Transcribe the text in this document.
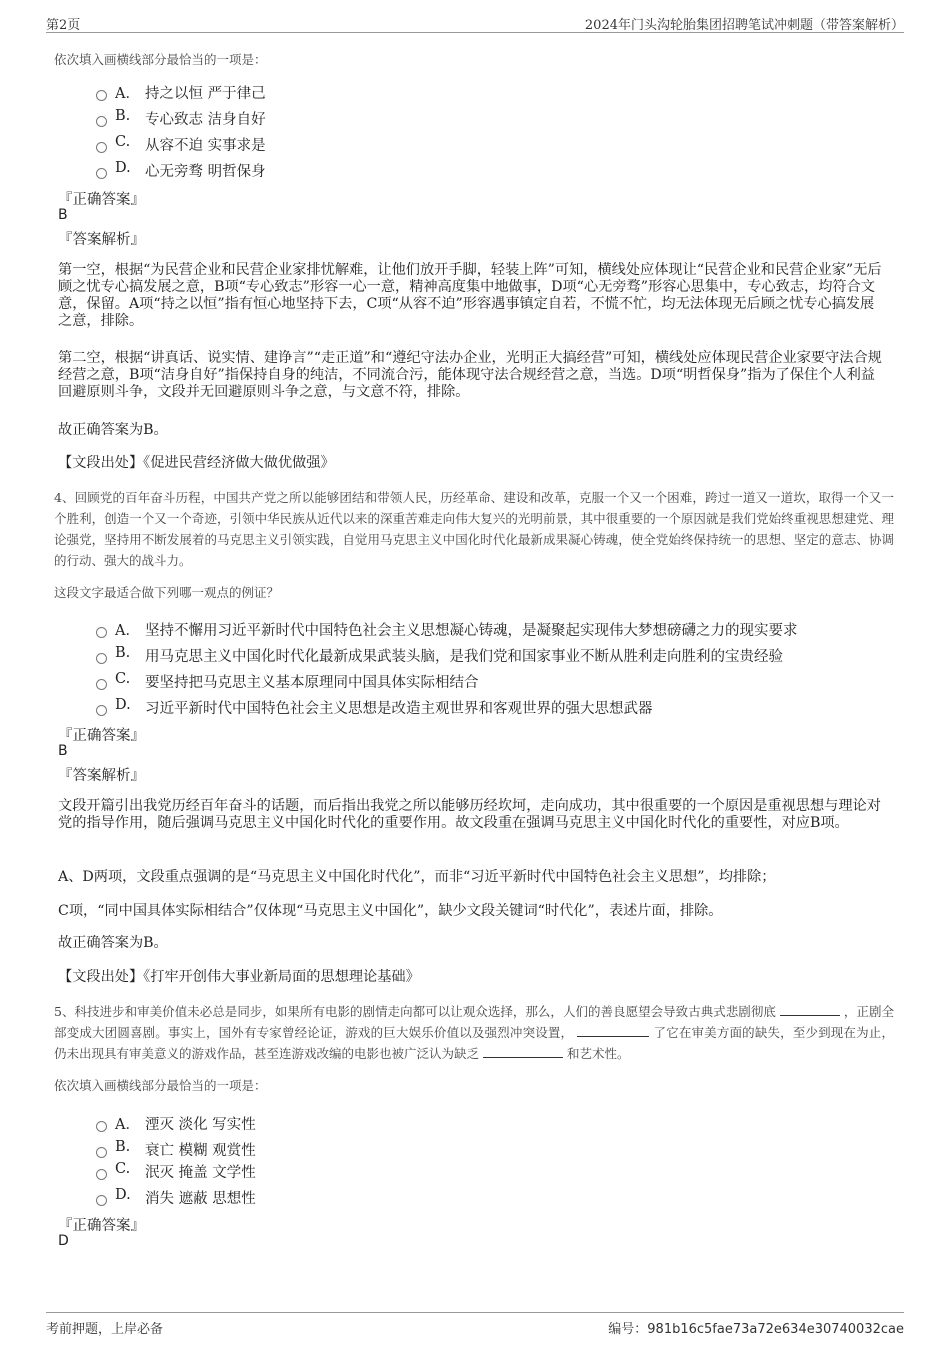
第2页	2024年门头沟轮胎集团招聘笔试冲刺题（带答案解析）
依次填入画横线部分最恰当的一项是：
A． 持之以恒 严于律己
B. 专心致志 洁身自好
C. 从容不迫 实事求是
D. 心无旁骛 明哲保身
『正确答案』
B
『答案解析』
第一空，根据“为民营企业和民营企业家排忧解难，让他们放开手脚，轻装上阵”可知，横线处应体现让“民营企业和民营企业家”无后顾之忧专心搞发展之意，B项“专心致志”形容一心一意，精神高度集中地做事，D项“心无旁骛”形容心思集中，专心致志，均符合文意，保留。A项“持之以恒”指有恒心地坚持下去，C项“从容不迫”形容遇事镇定自若，不慌不忙，均无法体现无后顾之忧专心搞发展之意，排除。
第二空，根据“讲真话、说实情、建诤言”“走正道”和“遵纪守法办企业，光明正大搞经营”可知，横线处应体现民营企业家要守法合规经营之意，B项“洁身自好”指保持自身的纯洁，不同流合污，能体现守法合规经营之意，当选。D项“明哲保身”指为了保住个人利益回避原则斗争，文段并无回避原则斗争之意，与文意不符，排除。
故正确答案为B。
【文段出处】《促进民营经济做大做优做强》
4、回顾党的百年奋斗历程，中国共产党之所以能够团结和带领人民，历经革命、建设和改革，克服一个又一个困难，跨过一道又一道坎，取得一个又一个胜利，创造一个又一个奇迹，引领中华民族从近代以来的深重苦难走向伟大复兴的光明前景，其中很重要的一个原因就是我们党始终重视思想建党、理论强党，坚持用不断发展着的马克思主义引领实践，自觉用马克思主义中国化时代化最新成果凝心铸魂，使全党始终保持统一的思想、坚定的意志、协调的行动、强大的战斗力。
这段文字最适合做下列哪一观点的例证？
A． 坚持不懈用习近平新时代中国特色社会主义思想凝心铸魂，是凝聚起实现伟大梦想磅礴之力的现实要求
B. 用马克思主义中国化时代化最新成果武装头脑，是我们党和国家事业不断从胜利走向胜利的宝贵经验
C. 要坚持把马克思主义基本原理同中国具体实际相结合
D. 习近平新时代中国特色社会主义思想是改造主观世界和客观世界的强大思想武器
『正确答案』
B
『答案解析』
文段开篇引出我党历经百年奋斗的话题，而后指出我党之所以能够历经坎坷，走向成功，其中很重要的一个原因是重视思想与理论对党的指导作用，随后强调马克思主义中国化时代化的重要作用。故文段重在强调马克思主义中国化时代化的重要性，对应B项。
A、D两项，文段重点强调的是“马克思主义中国化时代化”，而非“习近平新时代中国特色社会主义思想”，均排除；
C项，“同中国具体实际相结合”仅体现“马克思主义中国化”，缺少文段关键词“时代化”，表述片面，排除。
故正确答案为B。
【文段出处】《打牢开创伟大事业新局面的思想理论基础》
5、科技进步和审美价值未必总是同步，如果所有电影的剧情走向都可以让观众选择，那么，人们的善良愿望会导致古典式悲剧彻底	，正剧全部变成大团圆喜剧。事实上，国外有专家曾经论证，游戏的巨大娱乐价值以及强烈冲突设置，	了它在审美方面的缺失，至少到现在为止，仍未出现具有审美意义的游戏作品，甚至连游戏改编的电影也被广泛认为缺乏	和艺术性。
依次填入画横线部分最恰当的一项是：
A． 湮灭 淡化 写实性
B. 衰亡 模糊 观赏性
C. 泯灭 掩盖 文学性
D. 消失 遮蔽 思想性
『正确答案』
D
考前押题，上岸必备	编号：981b16c5fae73a72e634e30740032cae
